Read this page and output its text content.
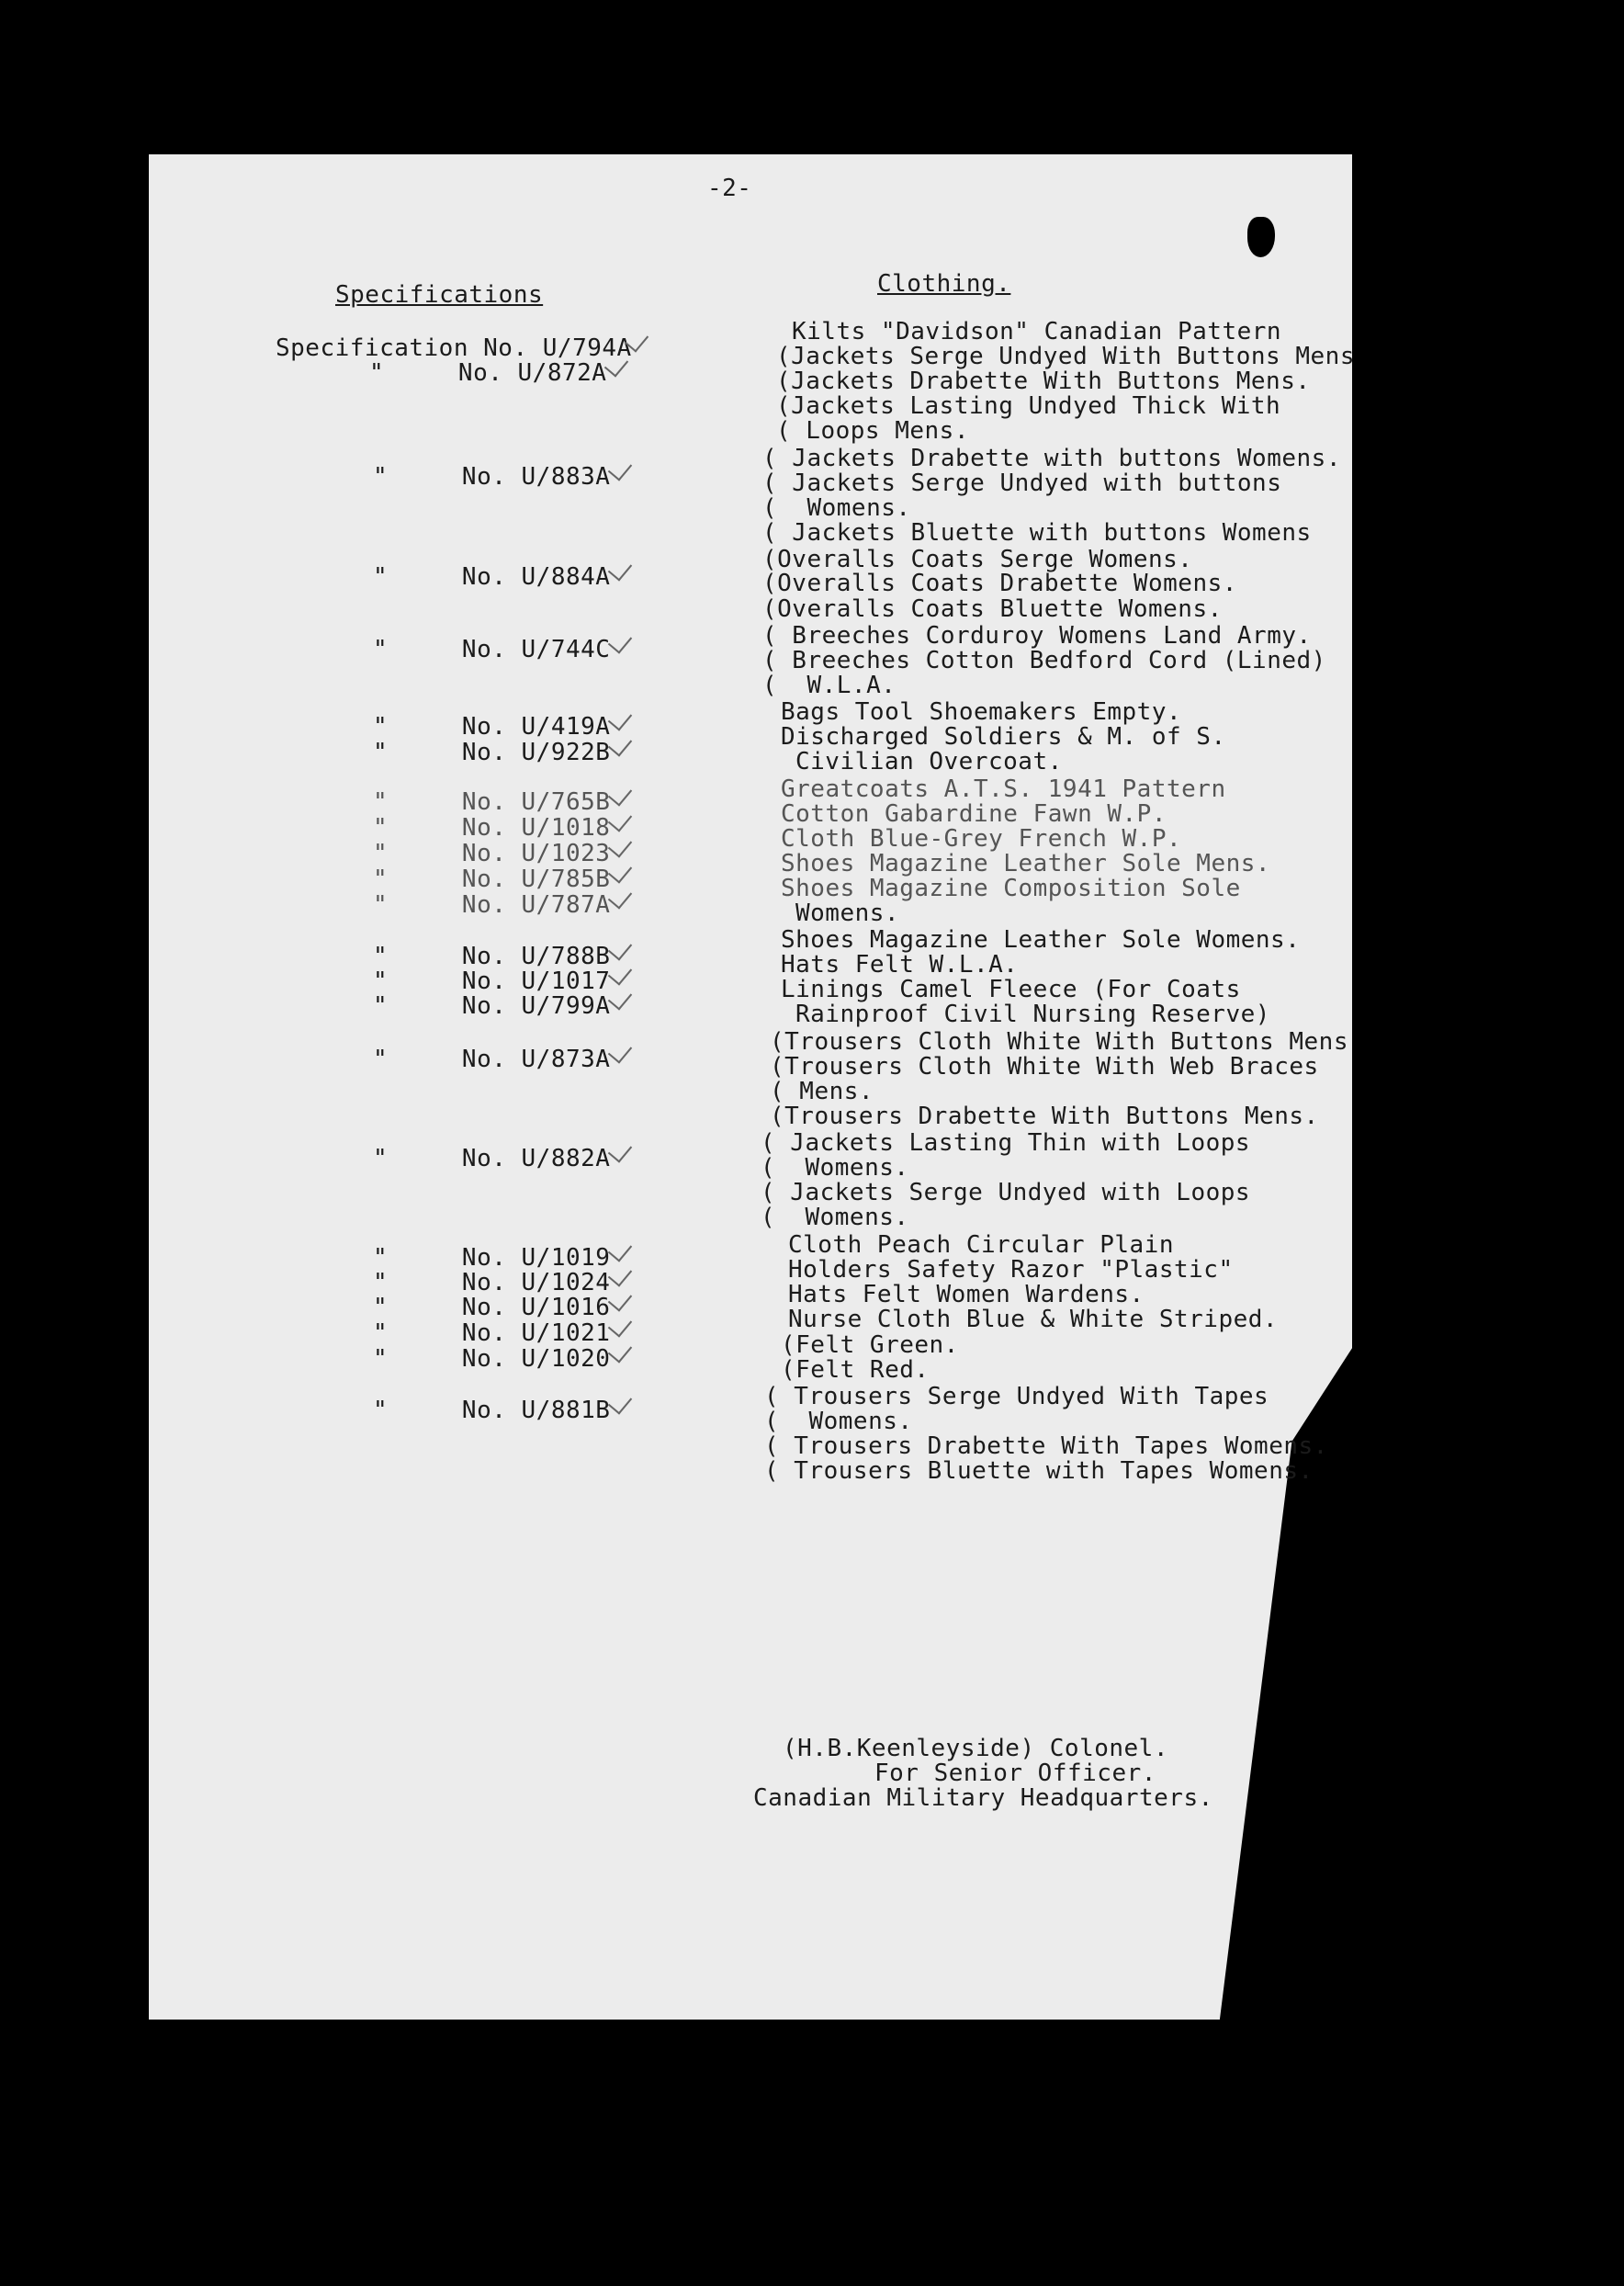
-2-
Specifications	Clothing.
Specification No. U/794A
"     No. U/872A
"     No. U/883A
"     No. U/884A
"     No. U/744C
"     No. U/419A
"     No. U/922B
"     No. U/765B
"     No. U/1018
"     No. U/1023
"     No. U/785B
"     No. U/787A
"     No. U/788B
"     No. U/1017
"     No. U/799A
"     No. U/873A
"     No. U/882A
"     No. U/1019
"     No. U/1024
"     No. U/1016
"     No. U/1021
"     No. U/1020
"     No. U/881B
Kilts "Davidson" Canadian Pattern
(Jackets Serge Undyed With Buttons Mens
(Jackets Drabette With Buttons Mens.
(Jackets Lasting Undyed Thick With
( Loops Mens.
( Jackets Drabette with buttons Womens.
( Jackets Serge Undyed with buttons
(  Womens.
( Jackets Bluette with buttons Womens
(Overalls Coats Serge Womens.
(Overalls Coats Drabette Womens.
(Overalls Coats Bluette Womens.
( Breeches Corduroy Womens Land Army.
( Breeches Cotton Bedford Cord (Lined)
(  W.L.A.
Bags Tool Shoemakers Empty.
Discharged Soldiers & M. of S.
Civilian Overcoat.
Greatcoats A.T.S. 1941 Pattern
Cotton Gabardine Fawn W.P.
Cloth Blue-Grey French W.P.
Shoes Magazine Leather Sole Mens.
Shoes Magazine Composition Sole
Womens.
Shoes Magazine Leather Sole Womens.
Hats Felt W.L.A.
Linings Camel Fleece (For Coats
Rainproof Civil Nursing Reserve)
(Trousers Cloth White With Buttons Mens
(Trousers Cloth White With Web Braces
( Mens.
(Trousers Drabette With Buttons Mens.
( Jackets Lasting Thin with Loops
(  Womens.
( Jackets Serge Undyed with Loops
(  Womens.
Cloth Peach Circular Plain
Holders Safety Razor "Plastic"
Hats Felt Women Wardens.
Nurse Cloth Blue & White Striped.
(Felt Green.
(Felt Red.
( Trousers Serge Undyed With Tapes
(  Womens.
( Trousers Drabette With Tapes Womens.
( Trousers Bluette with Tapes Womens.
(H.B.Keenleyside) Colonel.
For Senior Officer.
Canadian Military Headquarters.
